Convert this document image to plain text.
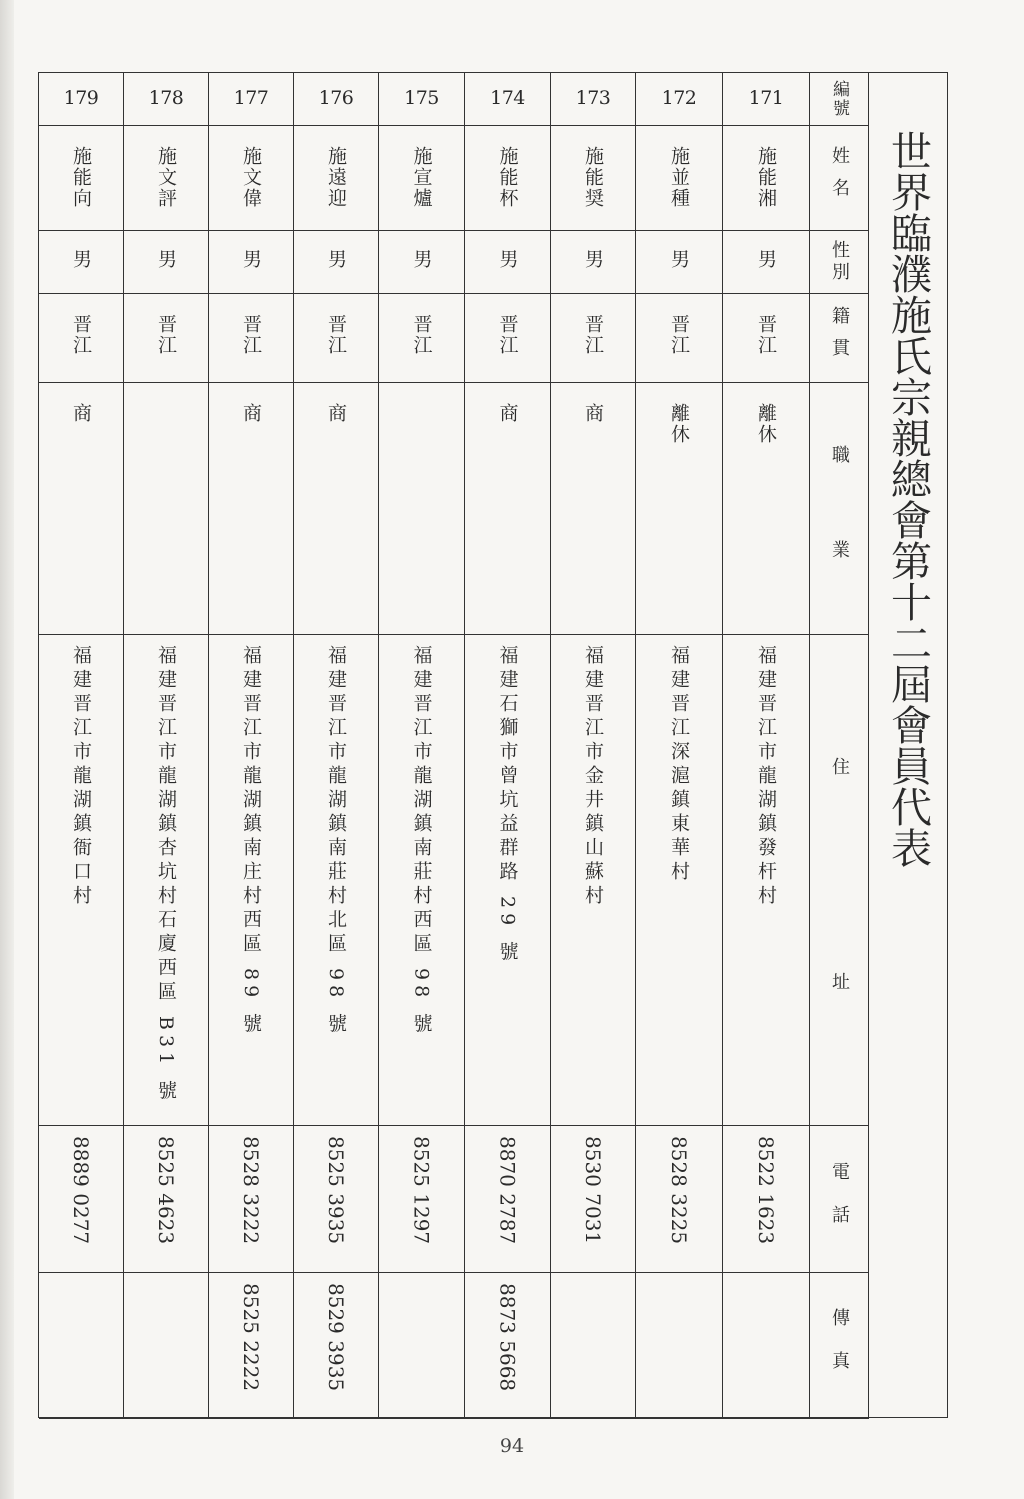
179
施能向
男
晋江
商
福建晋江市龍湖鎮衙口村
8889 0277
178
施文評
男
晋江
福建晋江市龍湖鎮杏坑村石廈西區 B31 號
8525 4623
177
施文偉
男
晋江
商
福建晋江市龍湖鎮南庄村西區 89 號
8528 3222
8525 2222
176
施遠迎
男
晋江
商
福建晋江市龍湖鎮南莊村北區 98 號
8525 3935
8529 3935
175
施宣爐
男
晋江
福建晋江市龍湖鎮南莊村西區 98 號
8525 1297
174
施能杯
男
晋江
商
福建石獅市曾坑益群路 29 號
8870 2787
8873 5668
173
施能奨
男
晋江
商
福建晋江市金井鎮山蘇村
8530 7031
172
施並種
男
晋江
離休
福建晋江深滬鎮東華村
8528 3225
171
施能湘
男
晋江
離休
福建晋江市龍湖鎮發杆村
8522 1623
編號
姓名
性別
籍貫
職
業
住
址
電
話
傳
真
世界臨濮施氏宗親總會第十二屆會員代表
94
